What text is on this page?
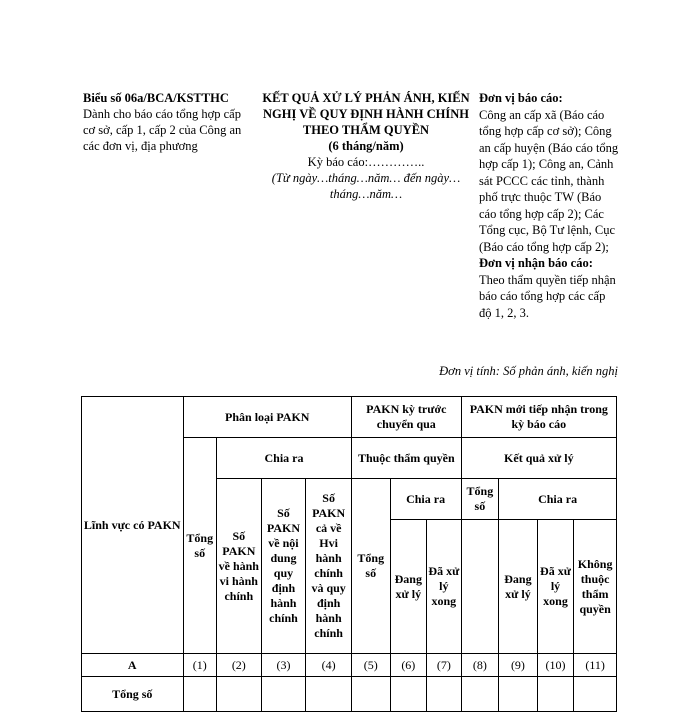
Biểu số 06a/BCA/KSTTHC
Dành cho báo cáo tổng hợp cấp cơ sở, cấp 1, cấp 2 của Công an các đơn vị, địa phương
KẾT QUẢ XỬ LÝ PHẢN ÁNH, KIẾN NGHỊ VỀ QUY ĐỊNH HÀNH CHÍNH THEO THẨM QUYỀN
(6 tháng/năm)
Kỳ báo cáo:…………..
(Từ ngày…tháng…năm… đến ngày… tháng…năm…
Đơn vị báo cáo:
Công an cấp xã (Báo cáo tổng hợp cấp cơ sở); Công an cấp huyện (Báo cáo tổng hợp cấp 1); Công an, Cảnh sát PCCC các tỉnh, thành phố trực thuộc TW (Báo cáo tổng hợp cấp 2); Các Tổng cục, Bộ Tư lệnh, Cục (Báo cáo tổng hợp cấp 2);
Đơn vị nhận báo cáo:
Theo thẩm quyền tiếp nhận báo cáo tổng hợp các cấp độ 1, 2, 3.
Đơn vị tính: Số phản ánh, kiến nghị
Lĩnh vực có PAKN	Phân loại PAKN				PAKN kỳ trước chuyển qua			PAKN mới tiếp nhận trong kỳ báo cáo			
	Tổng số	Chia ra			Thuộc thẩm quyền			Kết quả xử lý			
		Số PAKN về hành vi hành chính	Số PAKN về nội dung quy định hành chính	Số PAKN cả về Hvi hành chính và quy định hành chính	Tổng số	Chia ra		Tổng số	Chia ra		
						Đang xử lý	Đã xử lý xong		Đang xử lý	Đã xử lý xong	Không thuộc thẩm quyền

A	(1)	(2)	(3)	(4)	(5)	(6)	(7)	(8)	(9)	(10)	(11)
Tổng số											
